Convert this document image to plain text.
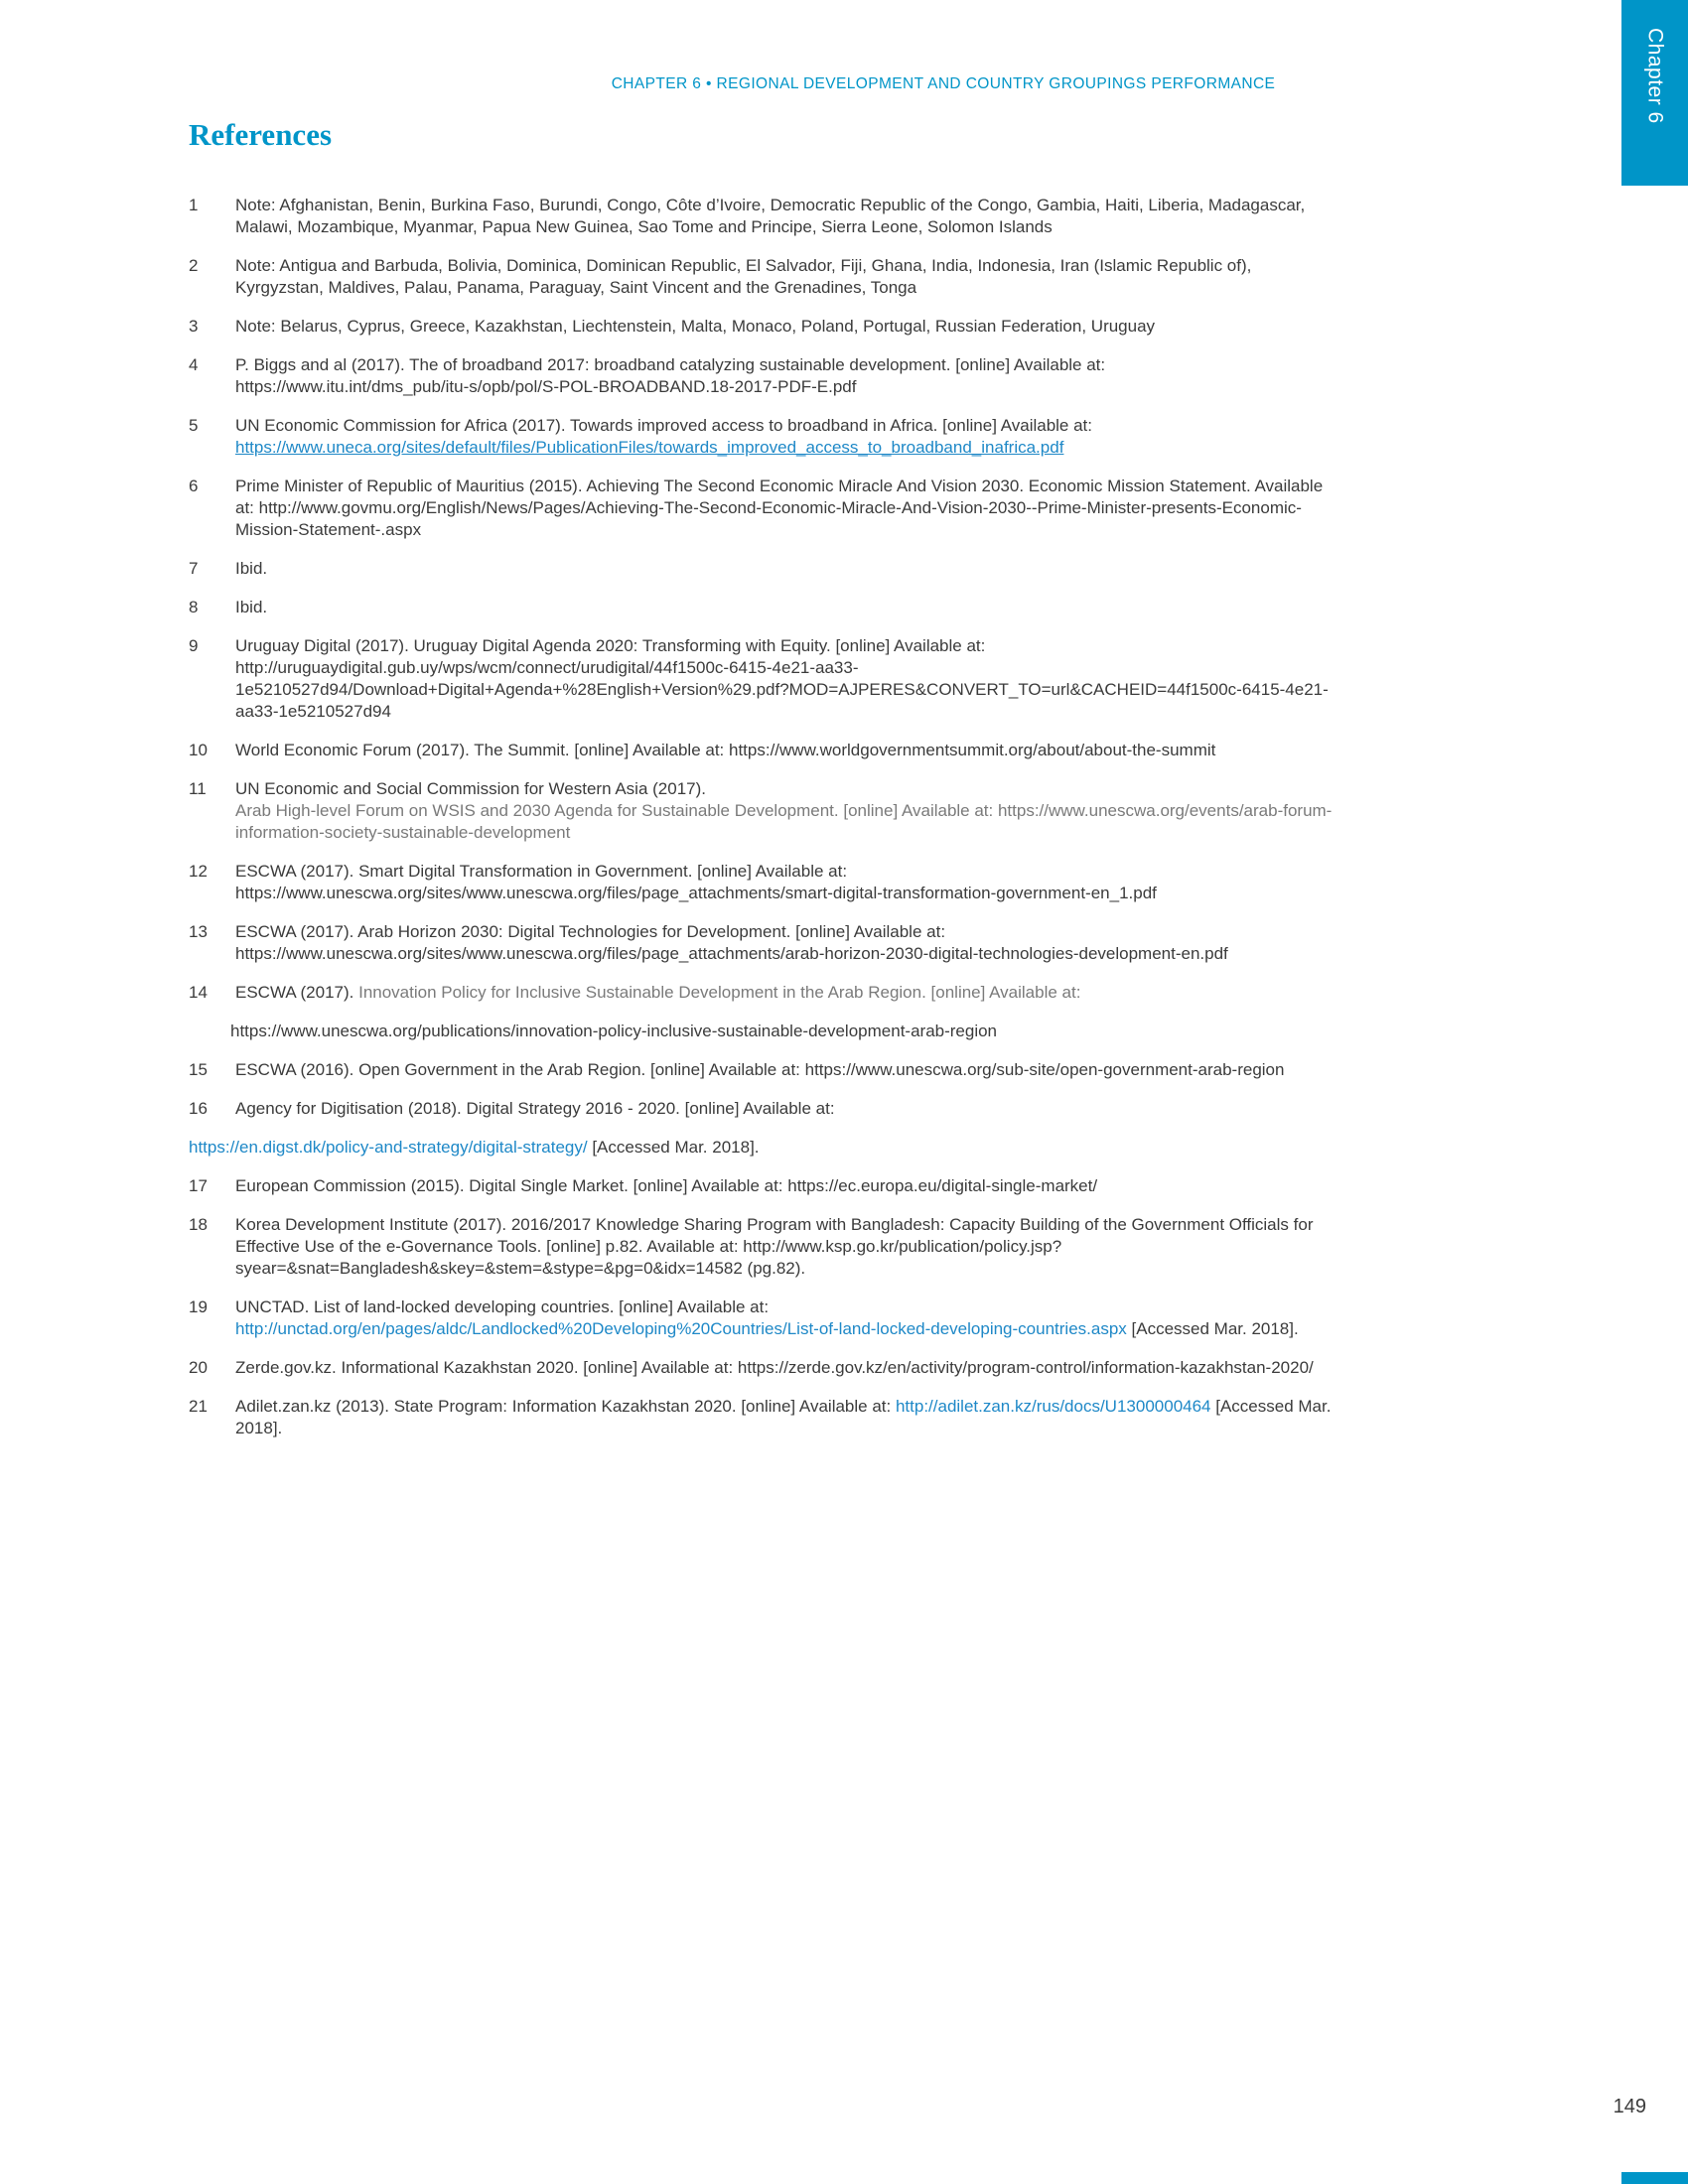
CHAPTER 6 • REGIONAL DEVELOPMENT AND COUNTRY GROUPINGS PERFORMANCE	Chapter 6
References
1	Note: Afghanistan, Benin, Burkina Faso, Burundi, Congo, Côte d’Ivoire, Democratic Republic of the Congo, Gambia, Haiti, Liberia, Madagascar, Malawi, Mozambique, Myanmar, Papua New Guinea, Sao Tome and Principe, Sierra Leone, Solomon Islands
2	Note: Antigua and Barbuda, Bolivia, Dominica, Dominican Republic, El Salvador, Fiji, Ghana, India, Indonesia, Iran (Islamic Republic of), Kyrgyzstan, Maldives, Palau, Panama, Paraguay, Saint Vincent and the Grenadines, Tonga
3	Note: Belarus, Cyprus, Greece, Kazakhstan, Liechtenstein, Malta, Monaco, Poland, Portugal, Russian Federation, Uruguay
4	P. Biggs and al (2017). The of broadband 2017: broadband catalyzing sustainable development. [online] Available at: https://www.itu.int/dms_pub/itu-s/opb/pol/S-POL-BROADBAND.18-2017-PDF-E.pdf
5	UN Economic Commission for Africa (2017). Towards improved access to broadband in Africa. [online] Available at: https://www.uneca.org/sites/default/files/PublicationFiles/towards_improved_access_to_broadband_inafrica.pdf
6	Prime Minister of Republic of Mauritius (2015). Achieving The Second Economic Miracle And Vision 2030. Economic Mission Statement. Available at: http://www.govmu.org/English/News/Pages/Achieving-The-Second-Economic-Miracle-And-Vision-2030--Prime-Minister-presents-Economic-Mission-Statement-.aspx
7	Ibid.
8	Ibid.
9	Uruguay Digital (2017). Uruguay Digital Agenda 2020: Transforming with Equity. [online] Available at: http://uruguaydigital.gub.uy/wps/wcm/connect/urudigital/44f1500c-6415-4e21-aa33-1e5210527d94/Download+Digital+Agenda+%28English+Version%29.pdf?MOD=AJPERES&CONVERT_TO=url&CACHEID=44f1500c-6415-4e21-aa33-1e5210527d94
10	World Economic Forum (2017). The Summit. [online] Available at: https://www.worldgovernmentsummit.org/about/about-the-summit
11	UN Economic and Social Commission for Western Asia (2017).
Arab High-level Forum on WSIS and 2030 Agenda for Sustainable Development. [online] Available at: https://www.unescwa.org/events/arab-forum-information-society-sustainable-development
12	ESCWA (2017). Smart Digital Transformation in Government. [online] Available at: https://www.unescwa.org/sites/www.unescwa.org/files/page_attachments/smart-digital-transformation-government-en_1.pdf
13	ESCWA (2017). Arab Horizon 2030: Digital Technologies for Development. [online] Available at: https://www.unescwa.org/sites/www.unescwa.org/files/page_attachments/arab-horizon-2030-digital-technologies-development-en.pdf
14	ESCWA (2017). Innovation Policy for Inclusive Sustainable Development in the Arab Region. [online] Available at:
https://www.unescwa.org/publications/innovation-policy-inclusive-sustainable-development-arab-region
15	ESCWA (2016). Open Government in the Arab Region. [online] Available at: https://www.unescwa.org/sub-site/open-government-arab-region
16	Agency for Digitisation (2018). Digital Strategy 2016 - 2020. [online] Available at:
https://en.digst.dk/policy-and-strategy/digital-strategy/ [Accessed Mar. 2018].
17	European Commission (2015). Digital Single Market. [online] Available at: https://ec.europa.eu/digital-single-market/
18	Korea Development Institute (2017). 2016/2017 Knowledge Sharing Program with Bangladesh: Capacity Building of the Government Officials for Effective Use of the e-Governance Tools. [online] p.82. Available at: http://www.ksp.go.kr/publication/policy.jsp?syear=&snat=Bangladesh&skey=&stem=&stype=&pg=0&idx=14582 (pg.82).
19	UNCTAD. List of land-locked developing countries. [online] Available at: http://unctad.org/en/pages/aldc/Landlocked%20Developing%20Countries/List-of-land-locked-developing-countries.aspx [Accessed Mar. 2018].
20	Zerde.gov.kz. Informational Kazakhstan 2020. [online] Available at: https://zerde.gov.kz/en/activity/program-control/information-kazakhstan-2020/
21	Adilet.zan.kz (2013). State Program: Information Kazakhstan 2020. [online] Available at: http://adilet.zan.kz/rus/docs/U1300000464 [Accessed Mar. 2018].
149
